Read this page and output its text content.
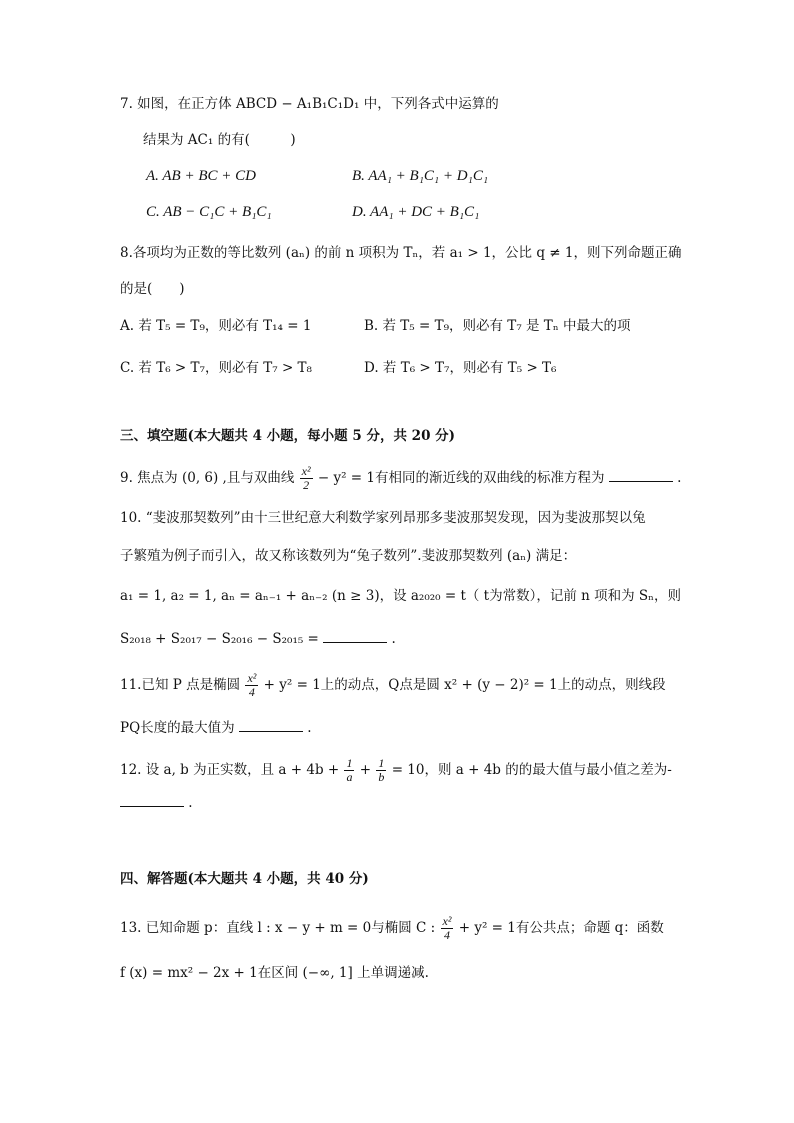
7. 如图，在正方体 ABCD − A₁B₁C₁D₁ 中，下列各式中运算的
结果为 AC₁ 的有(　　　)
A. AB + BC + CD	B. AA₁ + B₁C₁ + D₁C₁
C. AB − C₁C + B₁C₁	D. AA₁ + DC + B₁C₁
8.各项均为正数的等比数列 (aₙ) 的前 n 项积为 Tₙ，若 a₁ > 1，公比 q ≠ 1，则下列命题正确
的是(　　)
A. 若 T₅ = T₉，则必有 T₁₄ = 1	B. 若 T₅ = T₉，则必有 T₇ 是 Tₙ 中最大的项
C. 若 T₆ > T₇，则必有 T₇ > T₈	D. 若 T₆ > T₇，则必有 T₅ > T₆
三、填空题(本大题共 4 小题，每小题 5 分，共 20 分)
9. 焦点为 (0, 6) ,且与双曲线 $\frac{\text{x²}}{2} - y^2 = 1$有相同的渐近线的双曲线的标准方程为	.
10. “斐波那契数列”由十三世纪意大利数学家列昂那多斐波那契发现，因为斐波那契以兔
子繁殖为例子而引入，故又称该数列为“兔子数列”.斐波那契数列 (aₙ) 满足：
a₁ = 1, a₂ = 1, aₙ = aₙ₋₁ + aₙ₋₂ (n ≥ 3)，设 a₂₀₂₀ = t（ t为常数），记前 n 项和为 Sₙ，则
S₂₀₁₈ + S₂₀₁₇ − S₂₀₁₆ − S₂₀₁₅ =	.
11.已知 P 点是椭圆 $\frac{\text{x²}}{4} + y^2 = 1$上的动点，Q点是圆 x² + (y − 2)² = 1上的动点，则线段
PQ长度的最大值为	.
12. 设 a, b 为正实数，且 $a + 4b + \frac{1}{a} + \frac{1}{b} = 10$，则 a + 4b 的的最大值与最小值之差为-
.
四、解答题(本大题共 4 小题，共 40 分)
13. 已知命题 p：直线 l : x − y + m = 0与椭圆 C : $\frac{\text{x²}}{4} + y^2 = 1$有公共点；命题 q：函数
f (x) = mx² − 2x + 1在区间 (−∞, 1] 上单调递减.
